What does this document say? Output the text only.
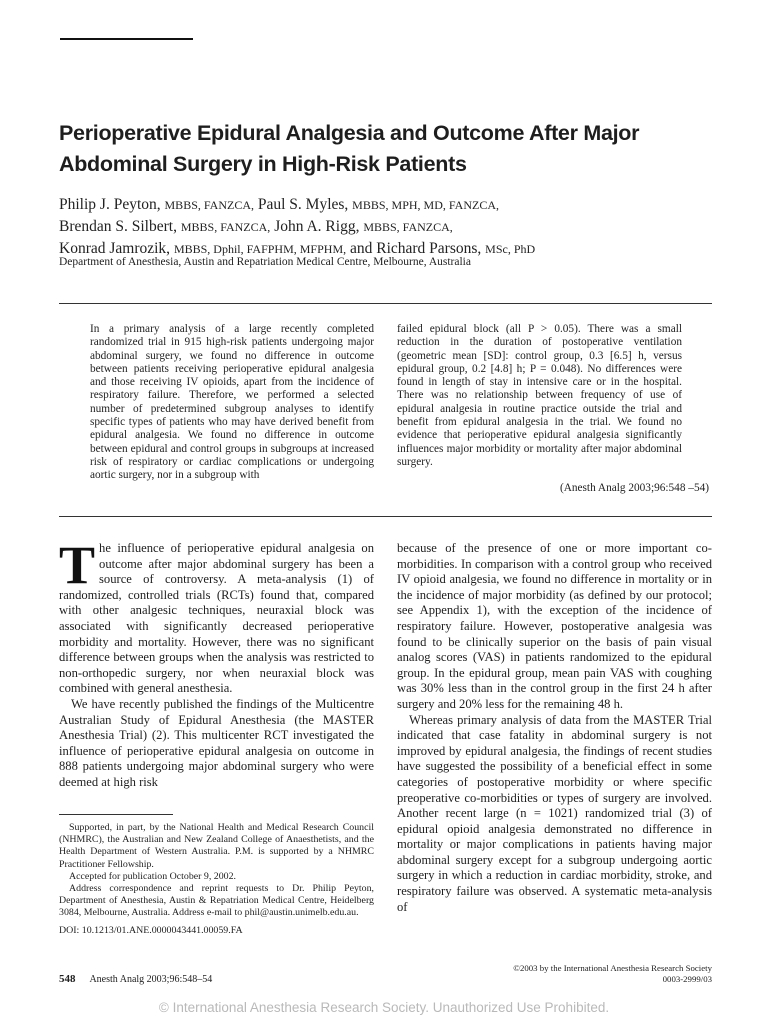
Perioperative Epidural Analgesia and Outcome After Major Abdominal Surgery in High-Risk Patients
Philip J. Peyton, MBBS, FANZCA, Paul S. Myles, MBBS, MPH, MD, FANZCA,
Brendan S. Silbert, MBBS, FANZCA, John A. Rigg, MBBS, FANZCA,
Konrad Jamrozik, MBBS, Dphil, FAFPHM, MFPHM, and Richard Parsons, MSc, PhD
Department of Anesthesia, Austin and Repatriation Medical Centre, Melbourne, Australia
In a primary analysis of a large recently completed randomized trial in 915 high-risk patients undergoing major abdominal surgery, we found no difference in outcome between patients receiving perioperative epidural analgesia and those receiving IV opioids, apart from the incidence of respiratory failure. Therefore, we performed a selected number of predetermined subgroup analyses to identify specific types of patients who may have derived benefit from epidural analgesia. We found no difference in outcome between epidural and control groups in subgroups at increased risk of respiratory or cardiac complications or undergoing aortic surgery, nor in a subgroup with
failed epidural block (all P > 0.05). There was a small reduction in the duration of postoperative ventilation (geometric mean [SD]: control group, 0.3 [6.5] h, versus epidural group, 0.2 [4.8] h; P = 0.048). No differences were found in length of stay in intensive care or in the hospital. There was no relationship between frequency of use of epidural analgesia in routine practice outside the trial and benefit from epidural analgesia in the trial. We found no evidence that perioperative epidural analgesia significantly influences major morbidity or mortality after major abdominal surgery.
(Anesth Analg 2003;96:548 –54)

The influence of perioperative epidural analgesia on outcome after major abdominal surgery has been a source of controversy. A meta-analysis (1) of randomized, controlled trials (RCTs) found that, compared with other analgesic techniques, neuraxial block was associated with significantly decreased perioperative morbidity and mortality. However, there was no significant difference between groups when the analysis was restricted to non-orthopedic surgery, nor when neuraxial block was combined with general anesthesia.

We have recently published the findings of the Multicentre Australian Study of Epidural Anesthesia (the MASTER Anesthesia Trial) (2). This multicenter RCT investigated the influence of perioperative epidural analgesia on outcome in 888 patients undergoing major abdominal surgery who were deemed at high risk

because of the presence of one or more important co-morbidities. In comparison with a control group who received IV opioid analgesia, we found no difference in mortality or in the incidence of major morbidity (as defined by our protocol; see Appendix 1), with the exception of the incidence of respiratory failure. However, postoperative analgesia was found to be clinically superior on the basis of pain visual analog scores (VAS) in patients randomized to the epidural group. In the epidural group, mean pain VAS with coughing was 30% less than in the control group in the first 24 h after surgery and 20% less for the remaining 48 h.

Whereas primary analysis of data from the MASTER Trial indicated that case fatality in abdominal surgery is not improved by epidural analgesia, the findings of recent studies have suggested the possibility of a beneficial effect in some categories of postoperative morbidity or where specific preoperative co-morbidities or types of surgery are involved. Another recent large (n = 1021) randomized trial (3) of epidural opioid analgesia demonstrated no difference in mortality or major complications in patients having major abdominal surgery except for a subgroup undergoing aortic surgery in which a reduction in cardiac morbidity, stroke, and respiratory failure was observed. A systematic meta-analysis of

Supported, in part, by the National Health and Medical Research Council (NHMRC), the Australian and New Zealand College of Anaesthetists, and the Health Department of Western Australia. P.M. is supported by a NHMRC Practitioner Fellowship.

Accepted for publication October 9, 2002.

Address correspondence and reprint requests to Dr. Philip Peyton, Department of Anesthesia, Austin & Repatriation Medical Centre, Heidelberg 3084, Melbourne, Australia. Address e-mail to phil@austin.unimelb.edu.au.

DOI: 10.1213/01.ANE.0000043441.00059.FA

548 Anesth Analg 2003;96:548–54
©2003 by the International Anesthesia Research Society
0003-2999/03
© International Anesthesia Research Society. Unauthorized Use Prohibited.
